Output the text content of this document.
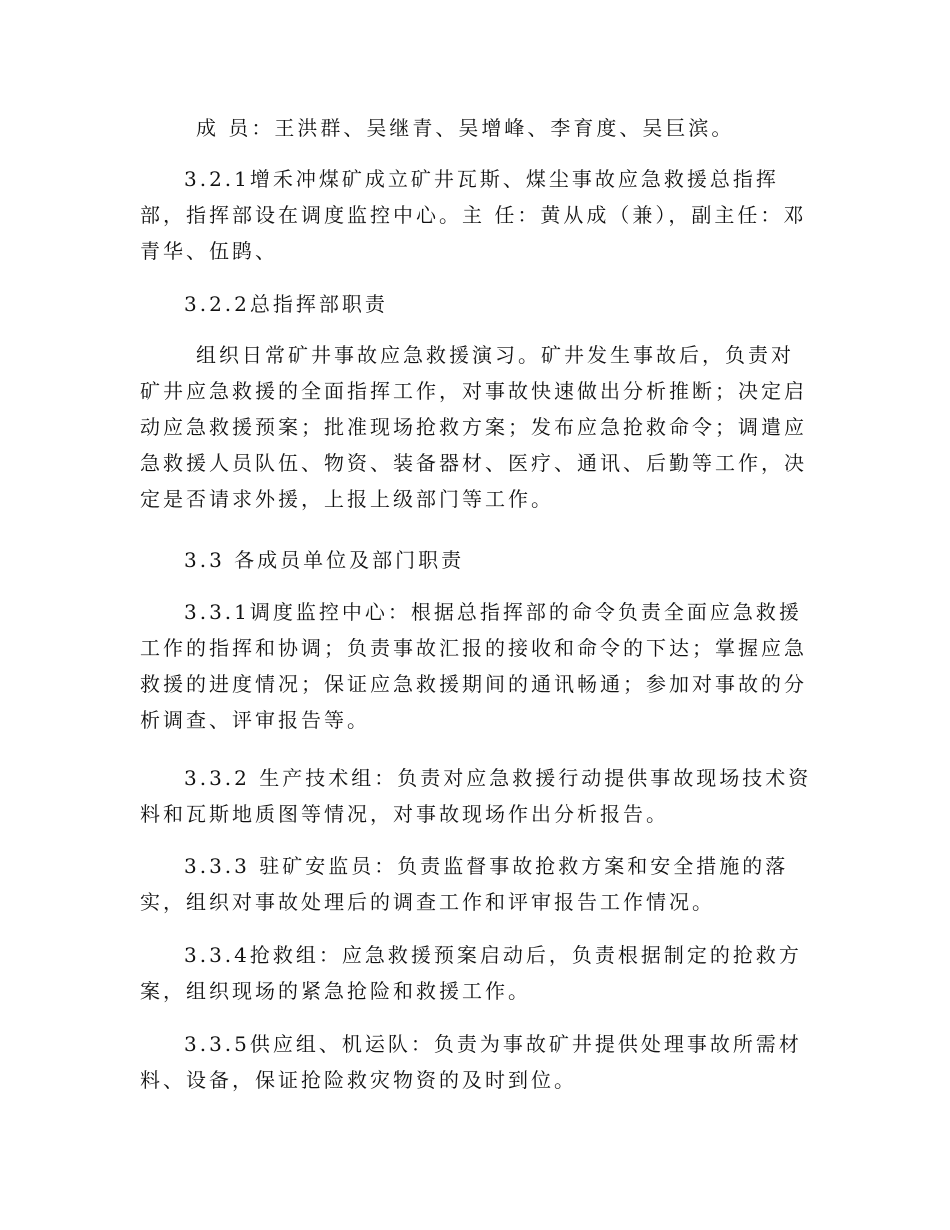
成 员：王洪群、吴继青、吴增峰、李育度、吴巨滨。

3.2.1增禾冲煤矿成立矿井瓦斯、煤尘事故应急救援总指挥部，指挥部设在调度监控中心。主 任：黄从成（兼），副主任：邓青华、伍鹍、

3.2.2总指挥部职责

组织日常矿井事故应急救援演习。矿井发生事故后，负责对矿井应急救援的全面指挥工作，对事故快速做出分析推断；决定启动应急救援预案；批准现场抢救方案；发布应急抢救命令；调遣应急救援人员队伍、物资、装备器材、医疗、通讯、后勤等工作，决定是否请求外援，上报上级部门等工作。

3.3 各成员单位及部门职责

3.3.1调度监控中心：根据总指挥部的命令负责全面应急救援工作的指挥和协调；负责事故汇报的接收和命令的下达；掌握应急救援的进度情况；保证应急救援期间的通讯畅通；参加对事故的分析调查、评审报告等。

3.3.2 生产技术组：负责对应急救援行动提供事故现场技术资料和瓦斯地质图等情况，对事故现场作出分析报告。

3.3.3 驻矿安监员：负责监督事故抢救方案和安全措施的落实，组织对事故处理后的调查工作和评审报告工作情况。

3.3.4抢救组：应急救援预案启动后，负责根据制定的抢救方案，组织现场的紧急抢险和救援工作。

3.3.5供应组、机运队：负责为事故矿井提供处理事故所需材料、设备，保证抢险救灾物资的及时到位。
